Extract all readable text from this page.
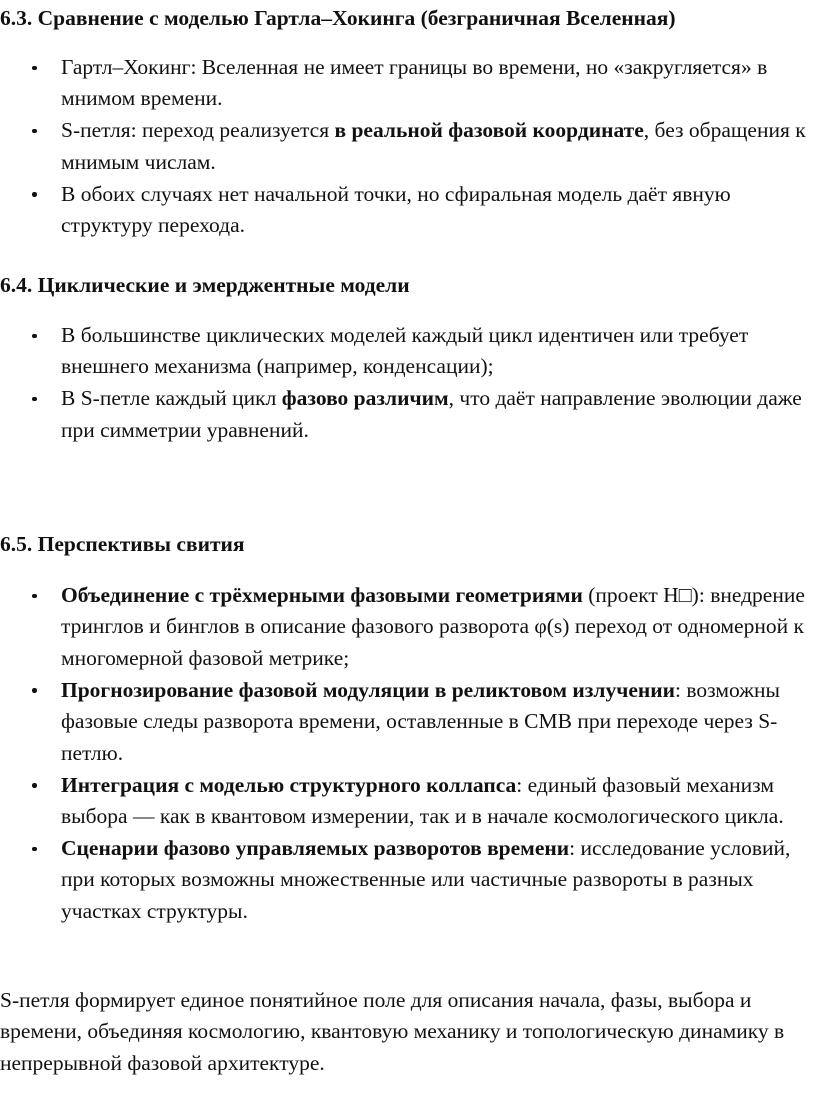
6.3. Сравнение с моделью Гартла–Хокинга (безграничная Вселенная)
Гартл–Хокинг: Вселенная не имеет границы во времени, но «закругляется» в мнимом времени.
S-петля: переход реализуется в реальной фазовой координате, без обращения к мнимым числам.
В обоих случаях нет начальной точки, но сфиральная модель даёт явную структуру перехода.
6.4. Циклические и эмерджентные модели
В большинстве циклических моделей каждый цикл идентичен или требует внешнего механизма (например, конденсации);
В S-петле каждый цикл фазово различим, что даёт направление эволюции даже при симметрии уравнений.
6.5. Перспективы свития
Объединение с трёхмерными фазовыми геометриями (проект H□): внедрение тринглов и бинглов в описание фазового разворота φ(s) переход от одномерной к многомерной фазовой метрике;
Прогнозирование фазовой модуляции в реликтовом излучении: возможны фазовые следы разворота времени, оставленные в CMB при переходе через S-петлю.
Интеграция с моделью структурного коллапса: единый фазовый механизм выбора — как в квантовом измерении, так и в начале космологического цикла.
Сценарии фазово управляемых разворотов времени: исследование условий, при которых возможны множественные или частичные развороты в разных участках структуры.

S-петля формирует единое понятийное поле для описания начала, фазы, выбора и времени, объединяя космологию, квантовую механику и топологическую динамику в непрерывной фазовой архитектуре.
